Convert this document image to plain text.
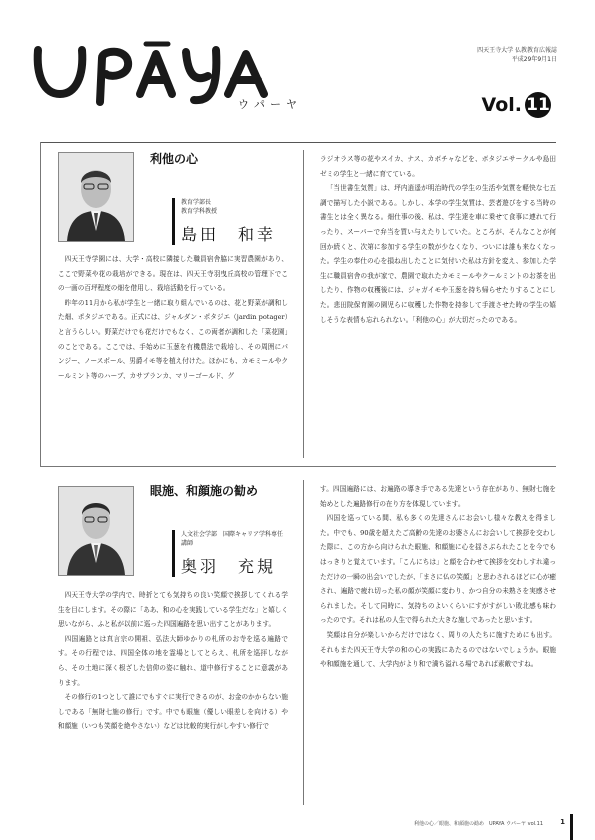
ウパーヤ
四天王寺大学 仏教教育広報誌
平成29年9月1日
Vol. 11
利他の心
教育学部長
教育学科教授
島田　和幸

四天王寺学園には、大学・高校に隣接した職員宿舎脇に実習農園があり、ここで野菜や花の栽培ができる。現在は、四天王寺羽曳丘高校の管理下でこの一画の百坪程度の畑を借用し、栽培活動を行っている。

昨年の11月から私が学生と一緒に取り組んでいるのは、花と野菜が調和した畑、ポタジエである。正式には、ジャルダン・ポタジエ（jardin potager）と言うらしい。野菜だけでも花だけでもなく、この両者が調和した「菜花園」のことである。ここでは、手始めに玉葱を有機農法で栽培し、その周囲にパンジー、ノースポール、男爵イモ等を植え付けた。ほかにも、カモミールやクールミント等のハーブ、カサブランカ、マリーゴールド、グ

ラジオラス等の花やスイカ、ナス、カボチャなどを、ボタジエサークルや島田ゼミの学生と一緒に育てている。

「当世書生気質」は、坪内逍遥が明治時代の学生の生活や気質を軽快な七五調で描写した小説である。しかし、本学の学生気質は、芸者遊びをする当時の書生とは全く異なる。畑仕事の後、私は、学生達を車に乗せて食事に連れて行ったり、スーパーで弁当を買い与えたりしていた。ところが、そんなことが何回か続くと、次第に参加する学生の数が少なくなり、ついには誰も来なくなった。学生の奉仕の心を損ね出したことに気付いた私は方針を変え、参加した学生に職員宿舎の我が家で、農園で取れたカモミールやクールミントのお茶を出したり、作物の収穫後には、ジャガイモや玉葱を持ち帰らせたりすることにした。悲田院保育園の園児らに収穫した作物を持参して手渡させた時の学生の嬉しそうな表情も忘れられない。「利他の心」が大切だったのである。

眼施、和顔施の勧め
人文社会学部　国際キャリア学科専任
講師
奥羽　充規

四天王寺大学の学内で、時折とても気持ちの良い笑顔で挨拶してくれる学生を目にします。その際に「ああ、和の心を実践している学生だな」と嬉しく思いながら、ふと私が以前に巡った四国遍路を思い出すことがあります。

四国遍路とは真言宗の開祖、弘法大師ゆかりの札所のお寺を巡る遍路です。その行程では、四国全体の地を霊場としてとらえ、札所を巡拝しながら、その土地に深く根ざした信仰の姿に触れ、道中修行することに意義があります。

その修行の1つとして誰にでもすぐに実行できるのが、お金のかからない施しである「無財七施の修行」です。中でも眼施（優しい眼差しを向ける）や和顔施（いつも笑顔を絶やさない）などは比較的実行がしやすい修行で

す。四国遍路には、お遍路の導き手である先達という存在があり、無財七施を始めとした遍路修行の在り方を体現しています。

四国を巡っている間、私も多くの先達さんにお会いし様々な教えを得ました。中でも、90歳を超えたご高齢の先達のお婆さんにお会いして挨拶を交わした際に、この方から向けられた眼施、和顔施に心を揺さぶられたことを今でもはっきりと覚えています。「こんにちは」と顔を合わせて挨拶を交わしすれ違っただけの一瞬の出会いでしたが、「まさに仏の笑顔」と思わされるほどに心が癒され、遍路で疲れ切った私の顔が笑顔に変わり、かつ自分の未熟さを実感させられました。そして同時に、気持ちのよいくらいにすがすがしい敗北感も味わったのです。それは私の人生で得られた大きな施しであったと思います。

笑顔は自分が楽しいからだけではなく、周りの人たちに施すためにも出す。それもまた四天王寺大学の和の心の実践にあたるのではないでしょうか。眼施や和顔施を通して、大学内がより和で満ち溢れる場であれば素敵ですね。

利他の心／眼施、和顔施の勧め　UPAYA ウパーヤ vol.11 1
